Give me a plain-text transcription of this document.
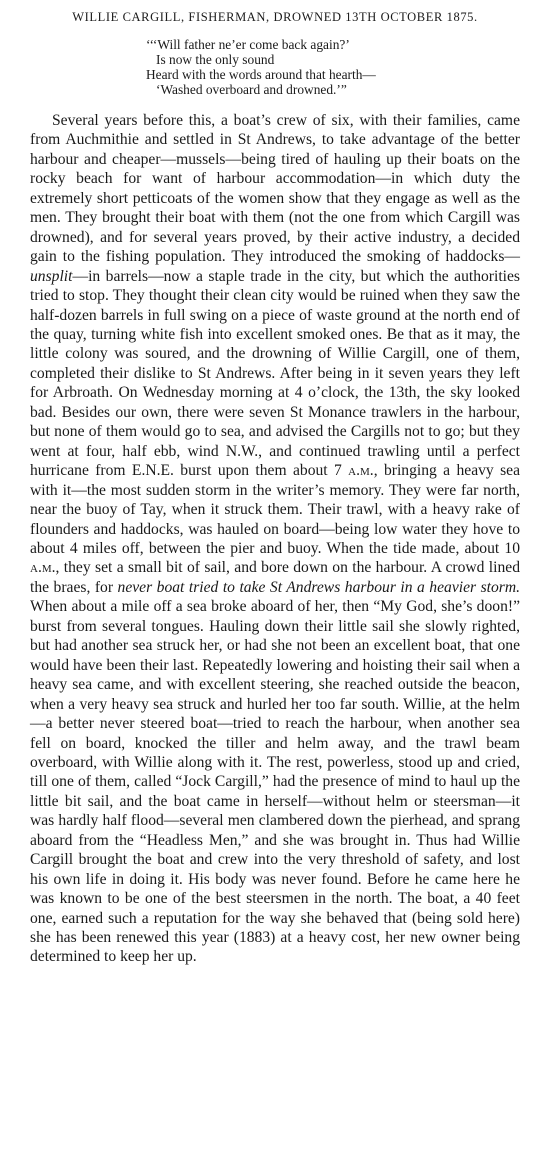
WILLIE CARGILL, FISHERMAN, DROWNED 13TH OCTOBER 1875.
‘‘‘Will father ne’er come back again?’
Is now the only sound
Heard with the words around that hearth—
‘Washed overboard and drowned.’”
Several years before this, a boat’s crew of six, with their families, came from Auchmithie and settled in St Andrews, to take advantage of the better harbour and cheaper—mussels—being tired of hauling up their boats on the rocky beach for want of harbour accommodation—in which duty the extremely short petticoats of the women show that they engage as well as the men. They brought their boat with them (not the one from which Cargill was drowned), and for several years proved, by their active industry, a decided gain to the fishing population. They introduced the smoking of haddocks—unsplit—in barrels—now a staple trade in the city, but which the authorities tried to stop. They thought their clean city would be ruined when they saw the half-dozen barrels in full swing on a piece of waste ground at the north end of the quay, turning white fish into excellent smoked ones. Be that as it may, the little colony was soured, and the drowning of Willie Cargill, one of them, completed their dislike to St Andrews. After being in it seven years they left for Arbroath. On Wednesday morning at 4 o’clock, the 13th, the sky looked bad. Besides our own, there were seven St Monance trawlers in the harbour, but none of them would go to sea, and advised the Cargills not to go; but they went at four, half ebb, wind N.W., and continued trawling until a perfect hurricane from E.N.E. burst upon them about 7 a.m., bringing a heavy sea with it—the most sudden storm in the writer’s memory. They were far north, near the buoy of Tay, when it struck them. Their trawl, with a heavy rake of flounders and haddocks, was hauled on board—being low water they hove to about 4 miles off, between the pier and buoy. When the tide made, about 10 a.m., they set a small bit of sail, and bore down on the harbour. A crowd lined the braes, for never boat tried to take St Andrews harbour in a heavier storm. When about a mile off a sea broke aboard of her, then “My God, she’s doon!” burst from several tongues. Hauling down their little sail she slowly righted, but had another sea struck her, or had she not been an excellent boat, that one would have been their last. Repeatedly lowering and hoisting their sail when a heavy sea came, and with excellent steering, she reached outside the beacon, when a very heavy sea struck and hurled her too far south. Willie, at the helm—a better never steered boat—tried to reach the harbour, when another sea fell on board, knocked the tiller and helm away, and the trawl beam overboard, with Willie along with it. The rest, powerless, stood up and cried, till one of them, called “Jock Cargill,” had the presence of mind to haul up the little bit sail, and the boat came in herself—without helm or steersman—it was hardly half flood—several men clambered down the pierhead, and sprang aboard from the “Headless Men,” and she was brought in. Thus had Willie Cargill brought the boat and crew into the very threshold of safety, and lost his own life in doing it. His body was never found. Before he came here he was known to be one of the best steersmen in the north. The boat, a 40 feet one, earned such a reputation for the way she behaved that (being sold here) she has been renewed this year (1883) at a heavy cost, her new owner being determined to keep her up.
